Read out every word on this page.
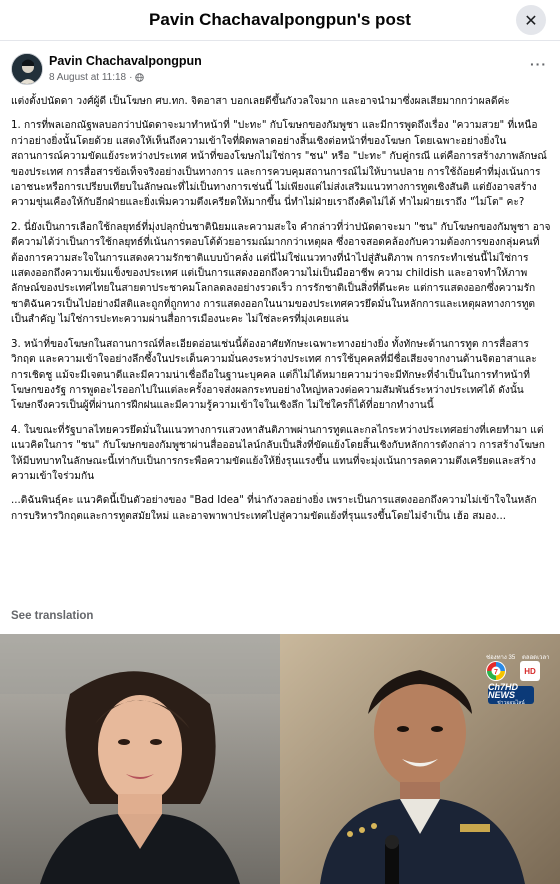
Pavin Chachavalpongpun's post	✕
Pavin Chachavalpongpun
8 August at 11:18 ·
···

แต่งตั้งปนัดดา วงศ์ผู้ดี เป็นโฆษก ศบ.ทก. จิตอาสา บอกเลยดีขึ้นกังวลใจมาก และอาจนำมาซึ่งผลเสียมากกว่าผลดีค่ะ

1. การที่พลเอกณัฐพลบอกว่าปนัดดาจะมาทำหน้าที่ "ปะทะ" กับโฆษกของกัมพูชา และมีการพูดถึงเรื่อง "ความสวย" ที่เหนือกว่าอย่างยิ่งนั้นโดยด้วย แสดงให้เห็นถึงความเข้าใจที่ผิดพลาดอย่างสิ้นเชิงต่อหน้าที่ของโฆษก โดยเฉพาะอย่างยิ่งในสถานการณ์ความขัดแย้งระหว่างประเทศ หน้าที่ของโฆษกไม่ใช่การ "ชน" หรือ "ปะทะ" กับคู่กรณี แต่คือการสร้างภาพลักษณ์ของประเทศ การสื่อสารข้อเท็จจริงอย่างเป็นทางการ และการควบคุมสถานการณ์ไม่ให้บานปลาย การใช้ถ้อยคำที่มุ่งเน้นการเอาชนะหรือการเปรียบเทียบในลักษณะที่ไม่เป็นทางการเช่นนี้ ไม่เพียงแต่ไม่ส่งเสริมแนวทางการทูตเชิงสันติ แต่ยังอาจสร้างความขุ่นเคืองให้กับอีกฝ่ายและยิ่งเพิ่มความตึงเครียดให้มากขึ้น นี่ทำไม่ฝ่ายเราถึงคิดไม่ได้ ทำไมฝ่ายเราถึง "ไม่โต" คะ?

2. นี่ยังเป็นการเลือกใช้กลยุทธ์ที่มุ่งปลุกปั่นชาตินิยมและความสะใจ คำกล่าวที่ว่าปนัดดาจะมา "ชน" กับโฆษกของกัมพูชา อาจตีความได้ว่าเป็นการใช้กลยุทธ์ที่เน้นการตอบโต้ด้วยอารมณ์มากกว่าเหตุผล ซึ่งอาจสอดคล้องกับความต้องการของกลุ่มคนที่ต้องการความสะใจในการแสดงความรักชาติแบบบ้าคลั่ง แต่นี่ไม่ใช่แนวทางที่นำไปสู่สันติภาพ การกระทำเช่นนี้ไม่ใช่การแสดงออกถึงความเข้มแข็งของประเทศ แต่เป็นการแสดงออกถึงความไม่เป็นมืออาชีพ ความ childish และอาจทำให้ภาพลักษณ์ของประเทศไทยในสายตาประชาคมโลกลดลงอย่างรวดเร็ว การรักชาติเป็นสิ่งที่ดีนะคะ แต่การแสดงออกซึ่งความรักชาติฉันควรเป็นไปอย่างมีสติและถูกที่ถูกทาง การแสดงออกในนามของประเทศควรยึดมั่นในหลักการและเหตุผลทางการทูตเป็นสำคัญ ไม่ใช่การปะทะความผ่านสื่อการเมืองนะคะ ไม่ใช่ละครที่มุ่งเคยแล่น

3. หน้าที่ของโฆษกในสถานการณ์ที่ละเอียดอ่อนเช่นนี้ต้องอาศัยทักษะเฉพาะทางอย่างยิ่ง ทั้งทักษะด้านการทูต การสื่อสารวิกฤต และความเข้าใจอย่างลึกซึ้งในประเด็นความมั่นคงระหว่างประเทศ การใช้บุคคลที่มีชื่อเสียงจากงานด้านจิตอาสาและการเชิดชู แม้จะมีเจตนาดีและมีความน่าเชื่อถือในฐานะบุคคล แต่ก็ไม่ได้หมายความว่าจะมีทักษะที่จำเป็นในการทำหน้าที่โฆษกของรัฐ การพูดอะไรออกไปในแต่ละครั้งอาจส่งผลกระทบอย่างใหญ่หลวงต่อความสัมพันธ์ระหว่างประเทศได้ ดังนั้น โฆษกจึงควรเป็นผู้ที่ผ่านการฝึกฝนและมีความรู้ความเข้าใจในเชิงลึก ไม่ใช่ใครก็ได้ที่อยากทำงานนี้

4. ในขณะที่รัฐบาลไทยควรยึดมั่นในแนวทางการแสวงหาสันติภาพผ่านการทูตและกลไกระหว่างประเทศอย่างที่เคยทำมา แต่แนวคิดในการ "ชน" กับโฆษกของกัมพูชาผ่านสื่อออนไลน์กลับเป็นสิ่งที่ขัดแย้งโดยสิ้นเชิงกับหลักการดังกล่าว การสร้างโฆษกให้มีบทบาทในลักษณะนี้เท่ากับเป็นการกระพือความขัดแย้งให้ยิ่งรุนแรงขึ้น แทนที่จะมุ่งเน้นการลดความตึงเครียดและสร้างความเข้าใจร่วมกัน

...ดิฉันพินธุ์คะ แนวคิดนี้เป็นตัวอย่างของ "Bad Idea" ที่น่ากังวลอย่างยิ่ง เพราะเป็นการแสดงออกถึงความไม่เข้าใจในหลักการบริหารวิกฤตและการทูตสมัยใหม่ และอาจพาพาประเทศไปสู่ความขัดแย้งที่รุนแรงขึ้นโดยไม่จำเป็น เฮ้อ สมอง...

See translation
ช่องทาง 35 ตลอดเวลา
7	HD
Ch7HD NEWS
ข่าวออนไลน์
